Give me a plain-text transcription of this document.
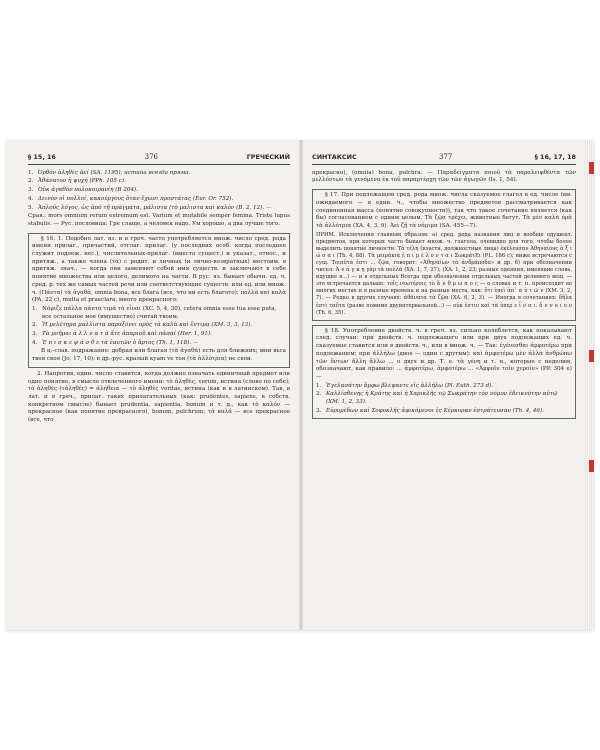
§ 15, 16	376	ГРЕЧЕСКИЙ
1. Ὀρθὸν ἀληθὲς ἀεί (SA. 1195), истина всегда прямa.
2. Ἀθάνατον ἡ ψυχή (PPh. 105 с).
3. Οὐκ ἀγαθὸν πολυκοιρανίη (В 204).
4. Δεινὸν οἱ πολλοί, κακούργους ὅταν ἔχωσι προστάτας (Eur. Or. 752).
5. Ἁπλοῦς λόγος, ὡς ἀπό τῆ πράγματα, μάλιστα (τὸ μαλιστα καὶ καλὸν (В. 2, 12). —

Срав.: mors omnium rerum extremum est. Varium et mutabile semper femina. Triste lupus stabulis. — Рус. пословица: Гре слаще, а человек надо. Ум хорошо, а два лучше того.

§ 16. 1. Подобно лат. яз. и в греч. часто употребляется множ. число сред. рода имени прилаг., причастий, отглаг. прилаг. (у последних осoб. когда последнее служит подлеж. неc.), числительных-прилаг. (вместо сущест.) и указат., относ., и притяж., а также члена (τά) с родит. и личных (и лично-возвратных) местоим. в притяж. знач., — когда они заменяют собой имя существ. и заключают в себе понятие множества или целого, делимого на части. В рус. яз. бывает обычн. ед. ч. сред. р. тех же самых частей речи или соответствующие существ. или ед. или множ. ч. (Πάντα) τὰ ἀγαθὰ, omnia bona, все блага (все, что ни есть благого); πολλὰ καὶ καλὰ (PA. 22 c), multa et praeclara, много прекрасного:

1. Νόμιζε πάλλα πάντα τιμά τὰ εἶναι (XC. 5, 4, 30), cetera omnia esse tua esse puta, все остальное мое (имущество) считай твоим.
2. Ἡ μελέτημα μαλλιστα παραξύνει πρὸς τὰ καλὰ καὶ ἔντιμα (XM. 3, 3, 13).
3. Τὰ μνῆμαι ἀ λ λ ν α τ ὰ ἄτε ἀπαριοῦ καὶ πὰσαί (Her. 1, 91).
4. Ἐ π ι σ κ ε ψ ά σ θ ε τὰ ἑαυτῶν ὁ ἄρτος (Th. 1, 118). —

В ц.-слав. подражание: добрая или благая (τὰ ἀγαθά) есть для ближних; мни вьса твоя своя (Jo. 17, 10); в др.-рус. кралый куаm ve тоя (τὰ ἀλλότρια) не свои.

2. Напротив, един. число ставится, когда должно означать единичный предмет или одно понятие, в смысле отвлеченного имени: τὸ ἀληθές, verum, истина (слово по себе); τὸ ἀληθὲς (τἀληθές) = ἀλήθεια — τὸ ἀληθὲς veritas, истина (как и в латинском). Так, в лат. и в греч., прилаг. таких прилагательных (как: prudentes, sapiens, в собств. конкретном смысле) бывает prudentia, sapientia, bonum и т. д., как τὸ καλόν — прекрасное (как понятие прекрасного), bonum, pulchrum; τὰ καλά — все прекрасное (все, что

СИНТАКСИС	377	§ 16, 17, 18

прекрасно), (omnia) bona, pulchra. — Παραδείγματα ποιοῦ τὰ παραλειφθέντα τῶν μελλόντων τὰ γενόμενα ἐκ τοῦ παραρτέρχη τῶν τῶν ἀγωγῶν (Is. 1, 54).

§ 17. При подлежащем сред. рода множ. числа сказуемое глагол в ед. числе (вм. ожидаемого — в един. ч., чтобы множество предметов рассматривается как соединенная масса (понятие совокупности)), так что такое сочетание является (как бы) согласованием с одним целым. Τὰ ζῷα τρέχει, животные бегут. Τὰ μὲν καλὰ ὁρᾶ τὰ ἀλλότρια (XA. 4, 3, 9). Ἀεὶ ζῇ τὰ νόμιμα (SA. 455—7).

ПРИМ. Исключения главным образом: а) сред. рода названия лиц и вообще одушевл. предметов, при которых часто бывает множ. ч. глагола, очевидно для того, чтобы более выделить понятие личности: Τὰ τέλη (власти, должностные лица) ἐκέλευσαν Ἀθηναίους ἀ ξ ι ώ σ α ι (Th. 4, 88). Τὰ μειράκια ἐ π ι μ έ λ ο ν τ α ι ΣωκράτEι (PL. 186 c); ниже встречаются с сущ. Τοιαῦτα ἐστι ... ζῷα, говорит: «Ἀθηναίων τὰ ἀνδράποδα» и др. б) при обозначении чисел: Ἀ ν ά γ κ η γὰρ τὰ πολλὰ (XA. 1, 7, 27); (XA. 1, 2, 23; разные одеяния, имеющие слова, идущие в...) — и в отдельных Всегда при обозначении отдельных частей делимого вещ. — это встречается дальше: τοῖς νεωτέροις τὸ ἄ ν θ ρ ω π ο ς — о словах и т. п. происходит во многих местах и в разные времена и на разные места, как: ὅτι ἐπεὶ ἀπ᾽ α ὐ τ ῶ ν (XM. 3, 2, 7). — Редко в других случаях: ἀθάνατα τὰ ζῷα (XA. 6, 2, 3). — Иногда в сочетаниях: δῆλα ἐστὶ ταῦτα (разве помимо двуинтервальной...) — οὐκ ἐστιν καὶ τὰ ὑπερ ε ἶ ν α ι. ὅ ν ν ο ι ο ν (Th. 6, 35).

§ 18. Употребление двойств. ч. в греч. яз. сильно колеблется, как показывают след. случаи: при двойств. ч. подлежащего или при двух подлежащих ед. ч. сказуемое ставится или в двойств. ч., или в множ. ч. — Так: ἐγένεσθαι ἀμφοτέρω при подлежащем; при ἀλλήλω (двое — один с другим): καὶ ἀμφοτέρω μὲν ἀλλὰ ἀνθρώπω τῶν ὄντων ἄλλη ἄλλω ... о двух и др. Т. e. τὰ γένη и τ. п., которые с неделим, обозначают, как правило: ... ἀμφοτέρω, ἀμφοτέρω ... «Ἀμφοῖν τοῖν χεροῖν» (PP. 304 e) —

1. Ἐγελασάτην ἄμφω βλέψαντε εἰς ἀλλήλω (Pl. Euth. 273 d).
2. Καλλίσθενης ἡ Κράτης καὶ ἡ Χαρικλῆς τῷ Σωκράτην τὸν νόμον ἐδεικνύτην αὐτῷ (XM. 1, 2, 33).
3. Εὐρυμέδων καὶ Σοφοκλῆς ἀφικόμενοι ἐς Κέρκυραν ἐστράτευσαν (Th. 4, 46).
